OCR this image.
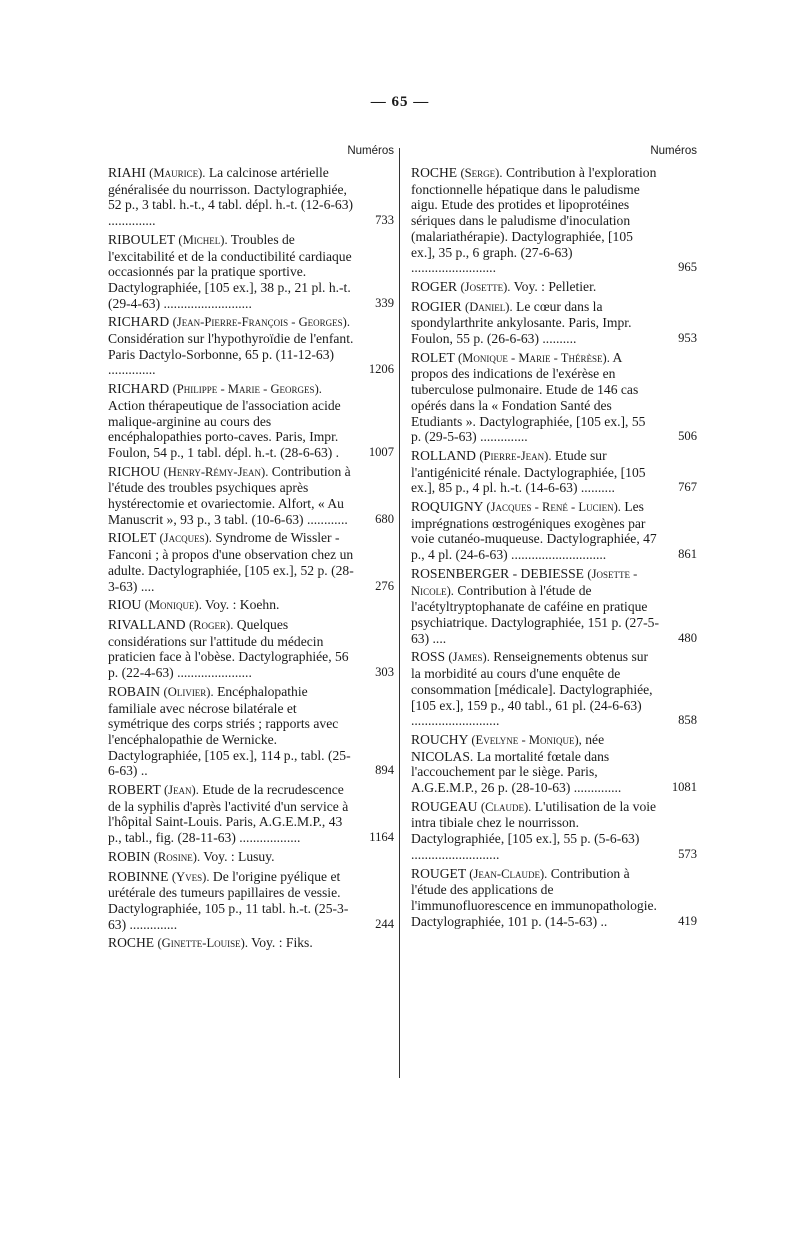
— 65 —
Numéros
RIAHI (Maurice). La calcinose artérielle généralisée du nourrisson. Dactylographiée, 52 p., 3 tabl. h.-t., 4 tabl. dépl. h.-t. (12-6-63) ..............	733
RIBOULET (Michel). Troubles de l'excitabilité et de la conductibilité cardiaque occasionnés par la pratique sportive. Dactylographiée, [105 ex.], 38 p., 21 pl. h.-t. (29-4-63) ..........................	339
RICHARD (Jean-Pierre-François - Georges). Considération sur l'hypothyroïdie de l'enfant. Paris Dactylo-Sorbonne, 65 p. (11-12-63) ..............	1206
RICHARD (Philippe - Marie - Georges). Action thérapeutique de l'association acide malique-arginine au cours des encéphalopathies porto-caves. Paris, Impr. Foulon, 54 p., 1 tabl. dépl. h.-t. (28-6-63) . 1007
RICHOU (Henry-Rémy-Jean). Contribution à l'étude des troubles psychiques après hystérectomie et ovariectomie. Alfort, « Au Manuscrit », 93 p., 3 tabl. (10-6-63) ............ 680
RIOLET (Jacques). Syndrome de Wissler - Fanconi ; à propos d'une observation chez un adulte. Dactylographiée, [105 ex.], 52 p. (28-3-63) ....	276
RIOU (Monique). Voy. : Koehn.
RIVALLAND (Roger). Quelques considérations sur l'attitude du médecin praticien face à l'obèse. Dactylographiée, 56 p. (22-4-63) ......................	303
ROBAIN (Olivier). Encéphalopathie familiale avec nécrose bilatérale et symétrique des corps striés ; rapports avec l'encéphalopathie de Wernicke. Dactylographiée, [105 ex.], 114 p., tabl. (25-6-63) ..	894
ROBERT (Jean). Etude de la recrudescence de la syphilis d'après l'activité d'un service à l'hôpital Saint-Louis. Paris, A.G.E.M.P., 43 p., tabl., fig. (28-11-63) ..................	1164
ROBIN (Rosine). Voy. : Lusuy.
ROBINNE (Yves). De l'origine pyélique et urétérale des tumeurs papillaires de vessie. Dactylographiée, 105 p., 11 tabl. h.-t. (25-3-63) ..............	244
ROCHE (Ginette-Louise). Voy. : Fiks.
Numéros
ROCHE (Serge). Contribution à l'exploration fonctionnelle hépatique dans le paludisme aigu. Etude des protides et lipoprotéines sériques dans le paludisme d'inoculation (malariathérapie). Dactylographiée, [105 ex.], 35 p., 6 graph. (27-6-63) .........................	965
ROGER (Josette). Voy. : Pelletier.
ROGIER (Daniel). Le cœur dans la spondylarthrite ankylosante. Paris, Impr. Foulon, 55 p. (26-6-63) ..........	953
ROLET (Monique - Marie - Thérèse). A propos des indications de l'exérèse en tuberculose pulmonaire. Etude de 146 cas opérés dans la « Fondation Santé des Etudiants ». Dactylographiée, [105 ex.], 55 p. (29-5-63) ..............	506
ROLLAND (Pierre-Jean). Etude sur l'antigénicité rénale. Dactylographiée, [105 ex.], 85 p., 4 pl. h.-t. (14-6-63) ..........	767
ROQUIGNY (Jacques - René - Lucien). Les imprégnations œstrogéniques exogènes par voie cutanéo-muqueuse. Dactylographiée, 47 p., 4 pl. (24-6-63) ............................	861
ROSENBERGER - DEBIESSE (Josette - Nicole). Contribution à l'étude de l'acétyltryptophanate de caféine en pratique psychiatrique. Dactylographiée, 151 p. (27-5-63) ....	480
ROSS (James). Renseignements obtenus sur la morbidité au cours d'une enquête de consommation [médicale]. Dactylographiée, [105 ex.], 159 p., 40 tabl., 61 pl. (24-6-63) ..........................	858
ROUCHY (Evelyne - Monique), née NICOLAS. La mortalité fœtale dans l'accouchement par le siège. Paris, A.G.E.M.P., 26 p. (28-10-63) ..............	1081
ROUGEAU (Claude). L'utilisation de la voie intra tibiale chez le nourrisson. Dactylographiée, [105 ex.], 55 p. (5-6-63) ..........................	573
ROUGET (Jean-Claude). Contribution à l'étude des applications de l'immunofluorescence en immunopathologie. Dactylographiée, 101 p. (14-5-63) ..	419
